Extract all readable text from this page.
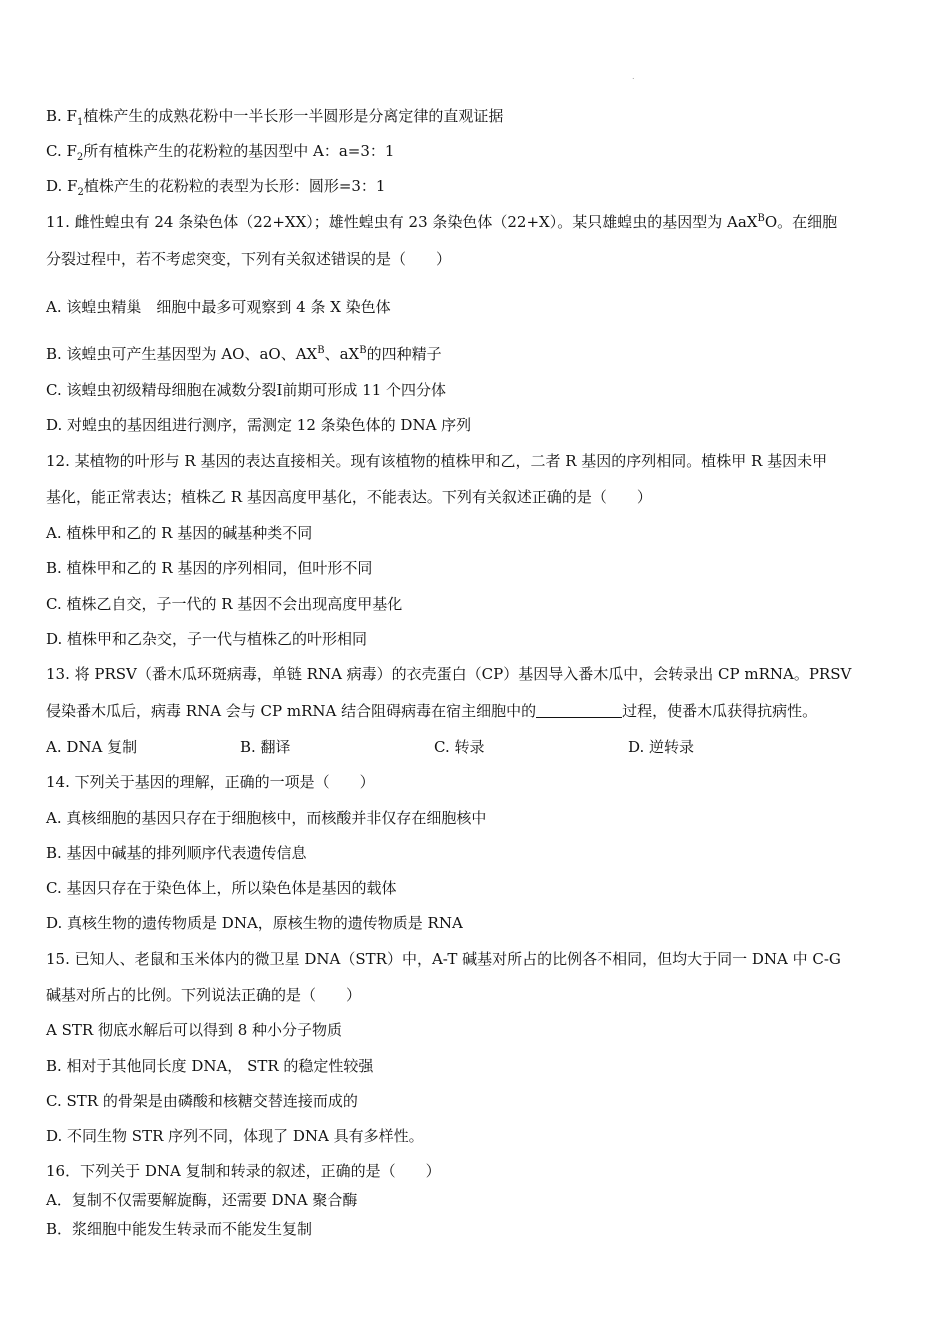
.
B. $F_1$植株产生的成熟花粉中一半长形一半圆形是分离定律的直观证据
C. $F_2$所有植株产生的花粉粒的基因型中 A：a=3：1
D. $F_2$植株产生的花粉粒的表型为长形：圆形=3：1
11. 雌性蝗虫有 24 条染色体（22+XX）；雄性蝗虫有 23 条染色体（22+X）。某只雄蝗虫的基因型为 AaX$^B$O。在细胞
分裂过程中，若不考虑突变，下列有关叙述错误的是（　　）
A. 该蝗虫精巢　细胞中最多可观察到 4 条 X 染色体
B. 该蝗虫可产生基因型为 AO、aO、$AX^B$、$aX^B$的四种精子
C. 该蝗虫初级精母细胞在减数分裂Ⅰ前期可形成 11 个四分体
D. 对蝗虫的基因组进行测序，需测定 12 条染色体的 DNA 序列
12. 某植物的叶形与 R 基因的表达直接相关。现有该植物的植株甲和乙，二者 R 基因的序列相同。植株甲 R 基因未甲
基化，能正常表达；植株乙 R 基因高度甲基化，不能表达。下列有关叙述正确的是（　　）
A. 植株甲和乙的 R 基因的碱基种类不同
B. 植株甲和乙的 R 基因的序列相同，但叶形不同
C. 植株乙自交，子一代的 R 基因不会出现高度甲基化
D. 植株甲和乙杂交，子一代与植株乙的叶形相同
13. 将 PRSV（番木瓜环斑病毒，单链 RNA 病毒）的衣壳蛋白（CP）基因导入番木瓜中，会转录出 CP mRNA。PRSV
侵染番木瓜后，病毒 RNA 会与 CP mRNA 结合阻碍病毒在宿主细胞中的	过程，使番木瓜获得抗病性。
A. DNA 复制	B. 翻译	C. 转录	D. 逆转录
14. 下列关于基因的理解，正确的一项是（　　）
A. 真核细胞的基因只存在于细胞核中，而核酸并非仅存在细胞核中
B. 基因中碱基的排列顺序代表遗传信息
C. 基因只存在于染色体上，所以染色体是基因的载体
D. 真核生物的遗传物质是 DNA，原核生物的遗传物质是 RNA
15. 已知人、老鼠和玉米体内的微卫星 DNA（STR）中，A-T 碱基对所占的比例各不相同，但均大于同一 DNA 中 C-G
碱基对所占的比例。下列说法正确的是（　　）
A STR 彻底水解后可以得到 8 种小分子物质
B. 相对于其他同长度 DNA， STR 的稳定性较强
C. STR 的骨架是由磷酸和核糖交替连接而成的
D. 不同生物 STR 序列不同，体现了 DNA 具有多样性。
16．下列关于 DNA 复制和转录的叙述，正确的是（　　）
A．复制不仅需要解旋酶，还需要 DNA 聚合酶
B．浆细胞中能发生转录而不能发生复制
